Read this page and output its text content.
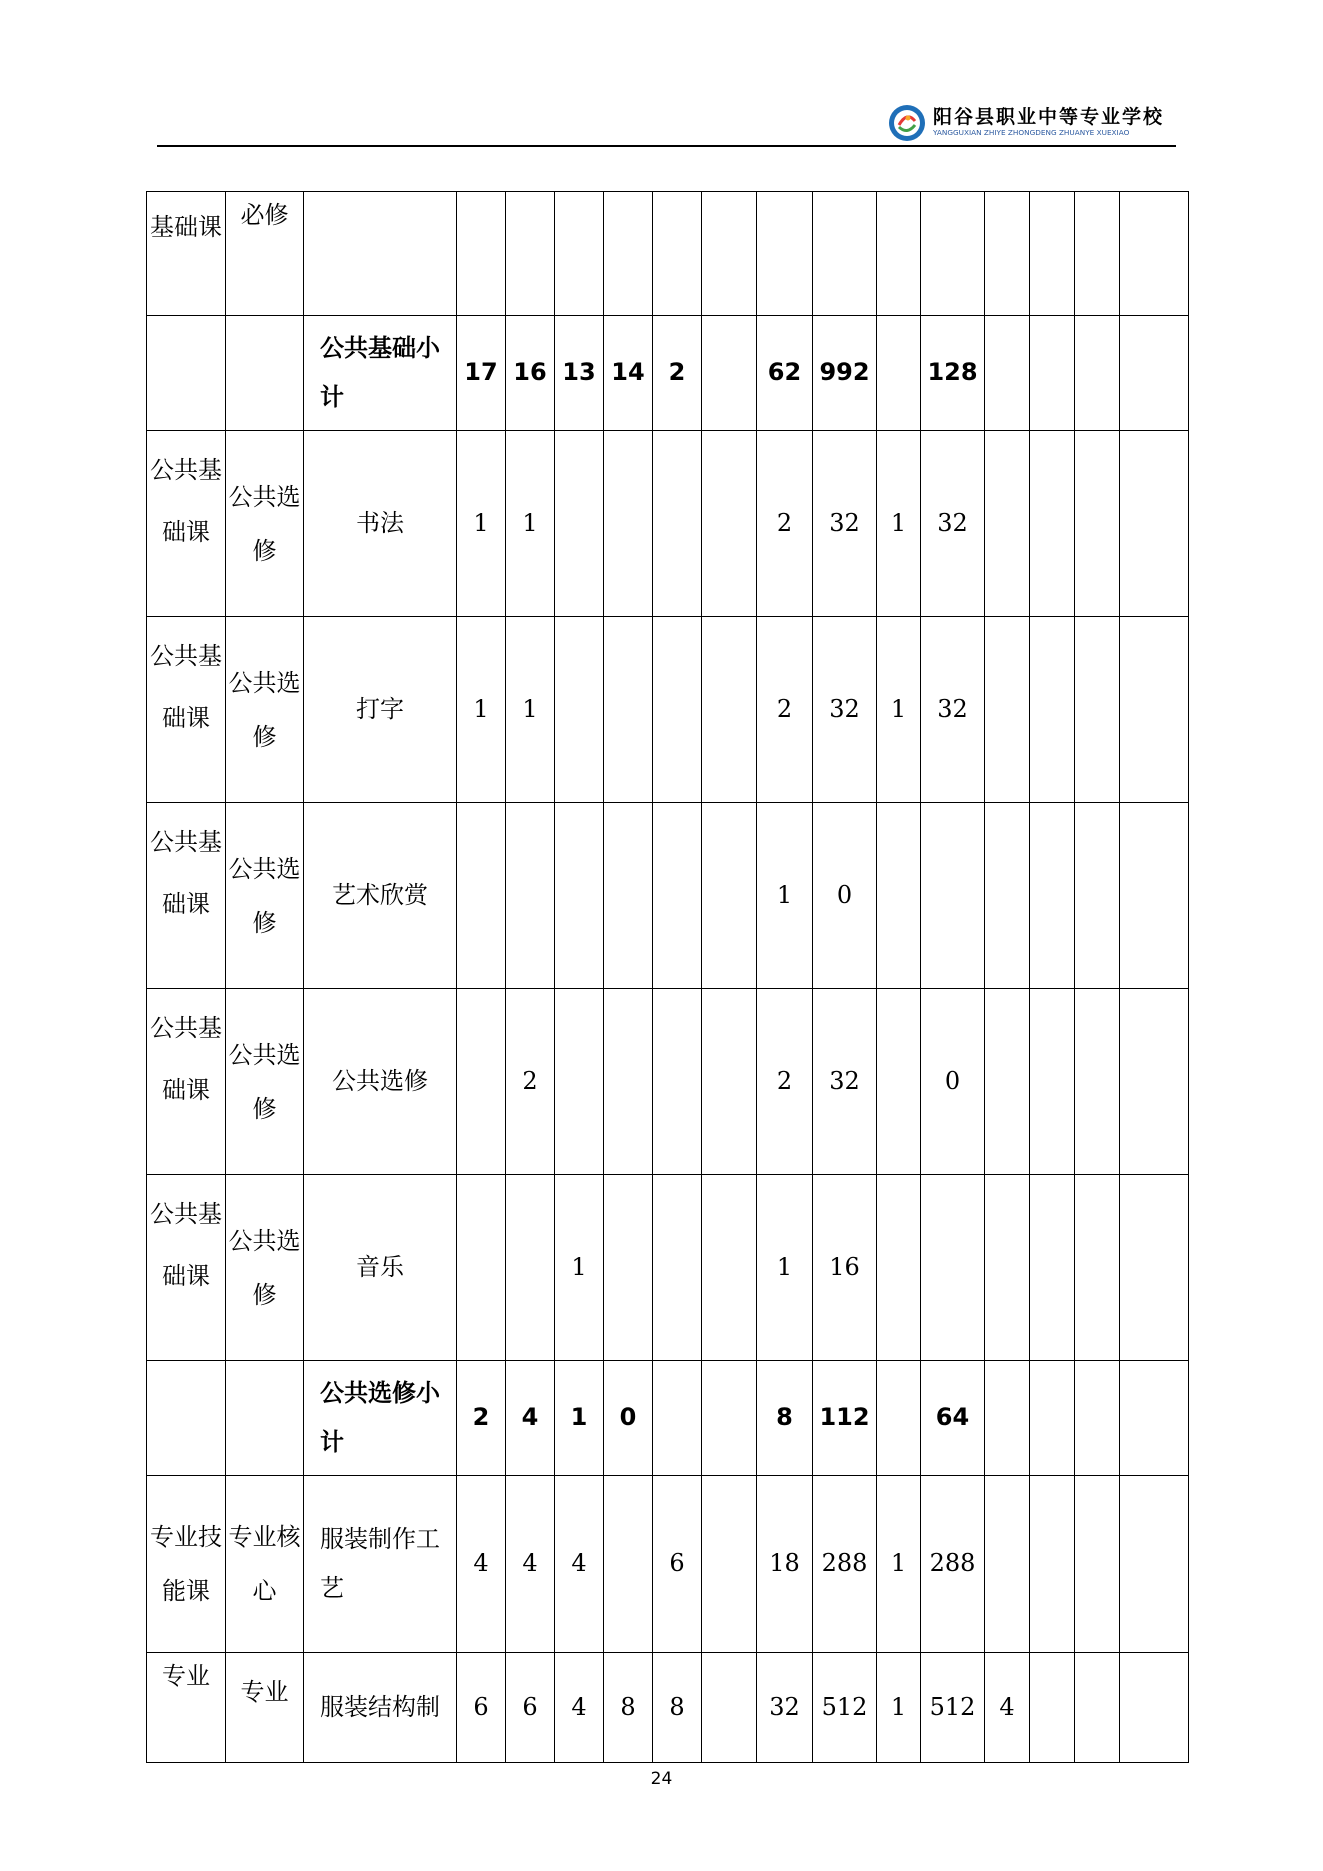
阳谷县职业中等专业学校
YANGGUXIAN ZHIYE ZHONGDENG ZHUANYE XUEXIAO
基础课	必修															
		公共基础小计	17	16	13	14	2		62	992		128				

公共基础课	公共选修	书法	1	1					2	32	1	32				

公共基础课	公共选修	打字	1	1					2	32	1	32				

公共基础课	公共选修	艺术欣赏							1	0						

公共基础课	公共选修	公共选修		2					2	32		0				

公共基础课	公共选修	音乐			1				1	16						
		公共选修小计	2	4	1	0			8	112		64				

专业技能课	专业核心	服装制作工艺	4	4	4		6		18	288	1	288				
专业	专业	服装结构制	6	6	4	8	8		32	512	1	512	4			
24
